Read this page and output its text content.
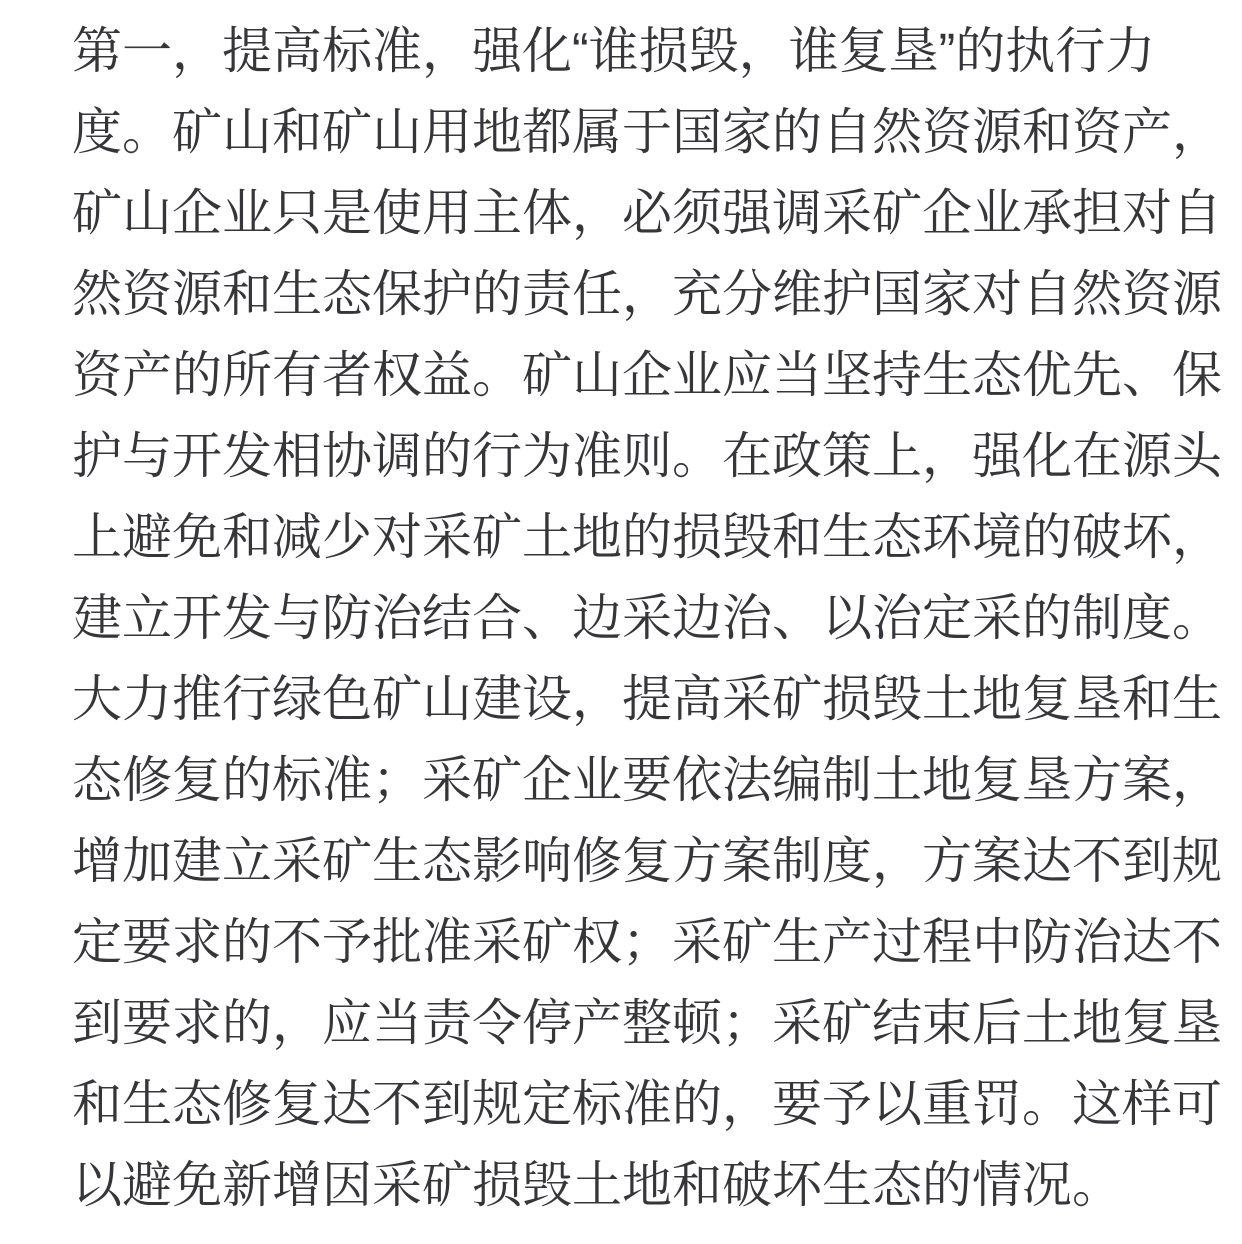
第一，提高标准，强化“谁损毁，谁复垦”的执行力
度。矿山和矿山用地都属于国家的自然资源和资产，
矿山企业只是使用主体，必须强调采矿企业承担对自
然资源和生态保护的责任，充分维护国家对自然资源
资产的所有者权益。矿山企业应当坚持生态优先、保
护与开发相协调的行为准则。在政策上，强化在源头
上避免和减少对采矿土地的损毁和生态环境的破坏，
建立开发与防治结合、边采边治、以治定采的制度。
大力推行绿色矿山建设，提高采矿损毁土地复垦和生
态修复的标准；采矿企业要依法编制土地复垦方案，
增加建立采矿生态影响修复方案制度，方案达不到规
定要求的不予批准采矿权；采矿生产过程中防治达不
到要求的，应当责令停产整顿；采矿结束后土地复垦
和生态修复达不到规定标准的，要予以重罚。这样可
以避免新增因采矿损毁土地和破坏生态的情况。
